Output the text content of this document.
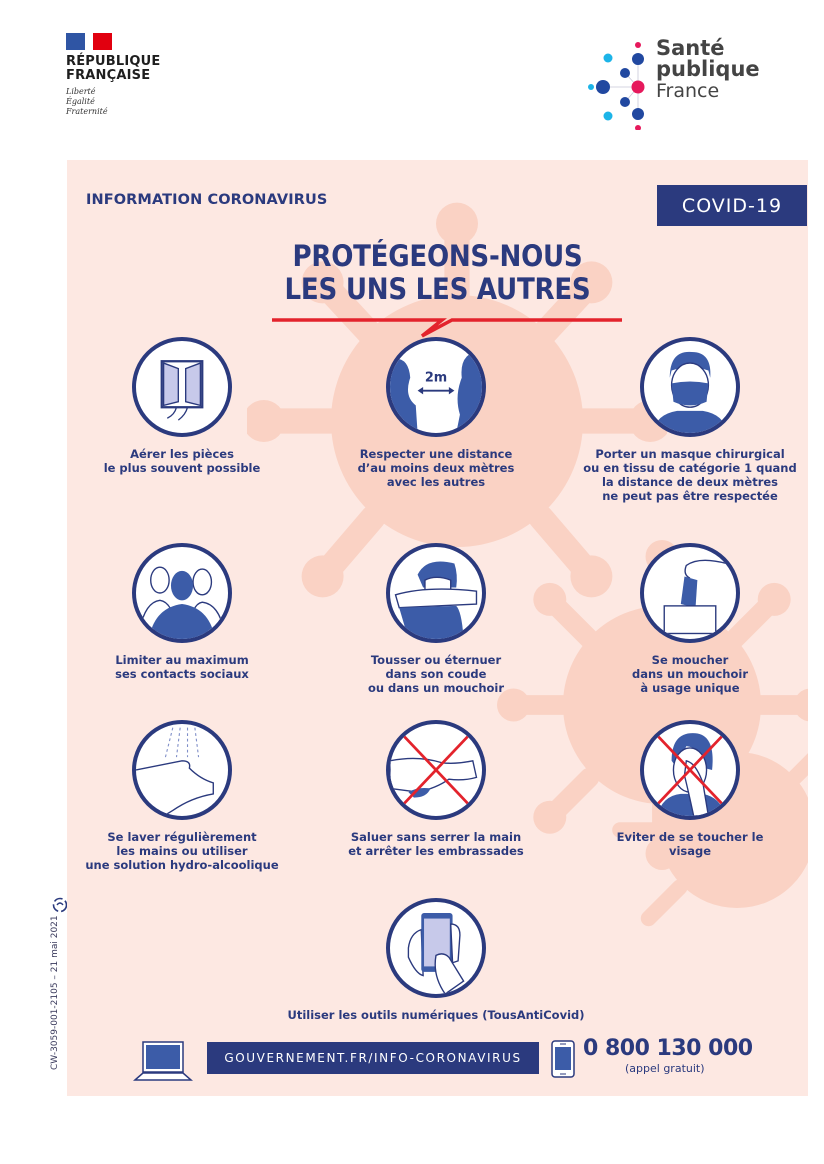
RÉPUBLIQUE
FRANÇAISE
Liberté
Égalité
Fraternité
Santé
publique
France
CW-3059-001-2105 – 21 mai 2021
INFORMATION CORONAVIRUS	COVID-19
PROTÉGEONS-NOUS
LES UNS LES AUTRES
Aérer les pièces
le plus souvent possible
2m
Respecter une distance
d’au moins deux mètres
avec les autres
Porter un masque chirurgical
ou en tissu de catégorie 1 quand
la distance de deux mètres
ne peut pas être respectée
Limiter au maximum
ses contacts sociaux
Tousser ou éternuer
dans son coude
ou dans un mouchoir
Se moucher
dans un mouchoir
à usage unique
Se laver régulièrement
les mains ou utiliser
une solution hydro-alcoolique
Saluer sans serrer la main
et arrêter les embrassades
Eviter de se toucher le
visage
Utiliser les outils numériques (TousAntiCovid)
GOUVERNEMENT.FR/INFO-CORONAVIRUS	0 800 130 000
(appel gratuit)
